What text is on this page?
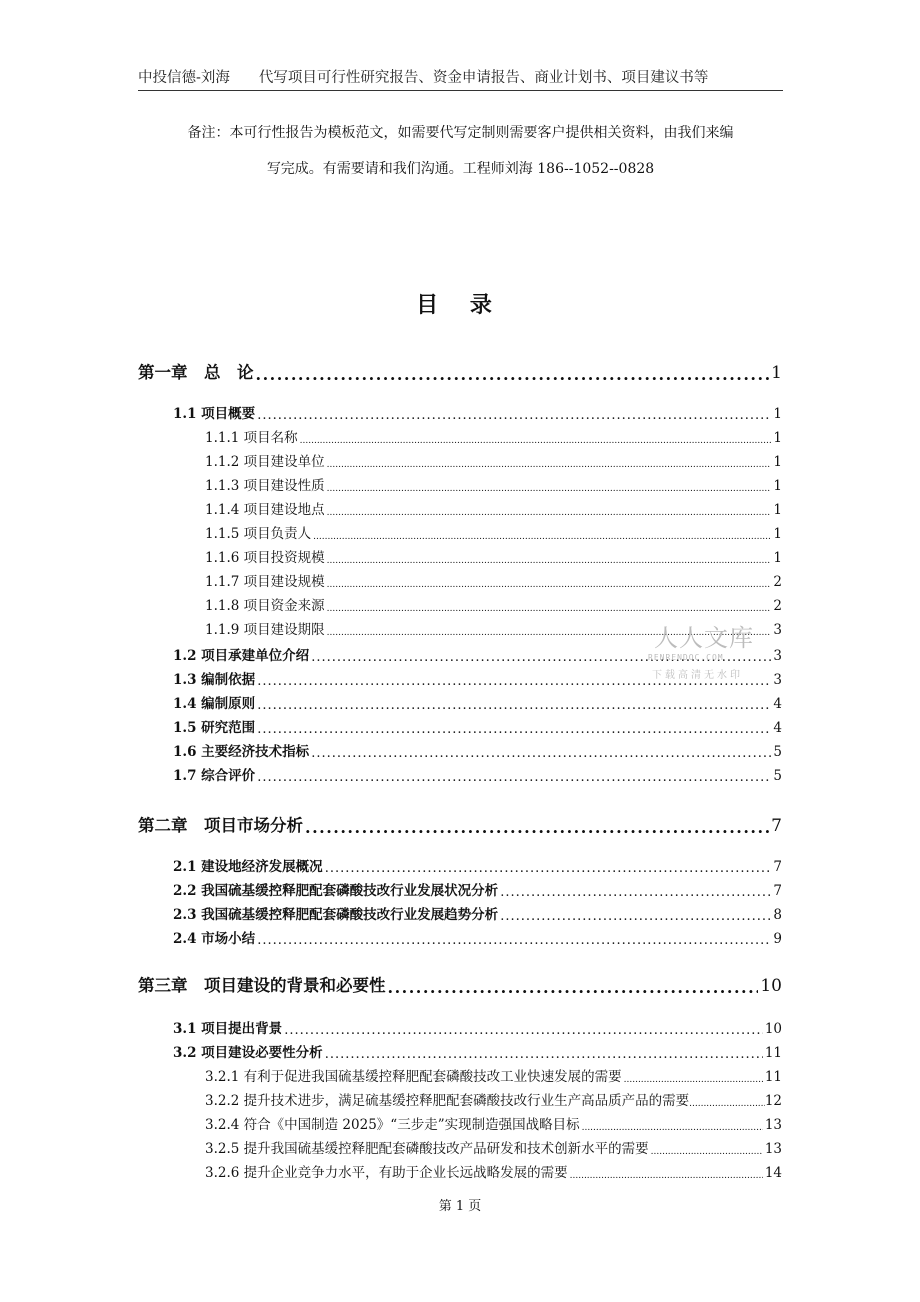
中投信德-刘海　　代写项目可行性研究报告、资金申请报告、商业计划书、项目建议书等
备注：本可行性报告为模板范文，如需要代写定制则需要客户提供相关资料，由我们来编
写完成。有需要请和我们沟通。工程师刘海 186--1052--0828
目 录
第一章　总　论 .....	1
1.1 项目概要 .....	1
1.1.1 项目名称 .....	1
1.1.2 项目建设单位 .....	1
1.1.3 项目建设性质 .....	1
1.1.4 项目建设地点 .....	1
1.1.5 项目负责人 .....	1
1.1.6 项目投资规模 .....	1
1.1.7 项目建设规模 .....	2
1.1.8 项目资金来源 .....	2
1.1.9 项目建设期限 .....	3
1.2 项目承建单位介绍 .....	3
1.3 编制依据 .....	3
1.4 编制原则 .....	4
1.5 研究范围 .....	4
1.6 主要经济技术指标 .....	5
1.7 综合评价 .....	5
第二章　项目市场分析 .....	7
2.1 建设地经济发展概况 .....	7
2.2 我国硫基缓控释肥配套磷酸技改行业发展状况分析 .....	7
2.3 我国硫基缓控释肥配套磷酸技改行业发展趋势分析 .....	8
2.4 市场小结 .....	9
第三章　项目建设的背景和必要性 .....	10
3.1 项目提出背景 .....	10
3.2 项目建设必要性分析 .....	11
3.2.1 有利于促进我国硫基缓控释肥配套磷酸技改工业快速发展的需要 .....	11
3.2.2 提升技术进步，满足硫基缓控释肥配套磷酸技改行业生产高品质产品的需要 .....	12
3.2.4 符合《中国制造 2025》“三步走”实现制造强国战略目标 .....	13
3.2.5 提升我国硫基缓控释肥配套磷酸技改产品研发和技术创新水平的需要 .....	13
3.2.6 提升企业竞争力水平，有助于企业长远战略发展的需要 .....	14
第 1 页
人人文库
RENRENDOC.COM
下载高清无水印
